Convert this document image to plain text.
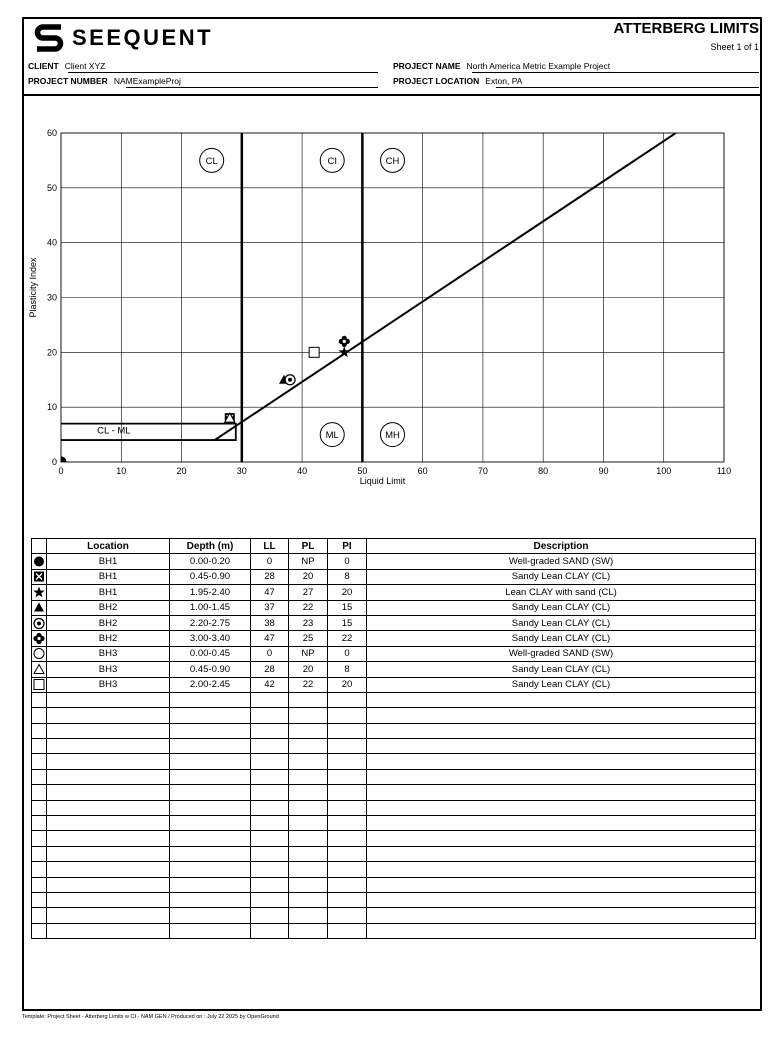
SEEQUENT	ATTERBERG LIMITS
Sheet 1 of 1
CLIENT Client XYZ
PROJECT NUMBER NAMExampleProj
PROJECT NAME North America Metric Example Project
PROJECT LOCATION Exton, PA
0	10	20	30	40	50	60	70	80	90	100	110
0
10
20
30
40
50
60
CL - ML
CL	CI	CH
ML	MH
Liquid Limit
Plasticity Index
	Location	Depth (m)	LL	PL	PI	Description

	BH1	0.00-0.20	0	NP	0	Well-graded SAND (SW)

	BH1	0.45-0.90	28	20	8	Sandy Lean CLAY (CL)

	BH1	1.95-2.40	47	27	20	Lean CLAY with sand (CL)

	BH2	1.00-1.45	37	22	15	Sandy Lean CLAY (CL)

	BH2	2.20-2.75	38	23	15	Sandy Lean CLAY (CL)

	BH2	3.00-3.40	47	25	22	Sandy Lean CLAY (CL)

	BH3	0.00-0.45	0	NP	0	Well-graded SAND (SW)

	BH3	0.45-0.90	28	20	8	Sandy Lean CLAY (CL)

	BH3	2.00-2.45	42	22	20	Sandy Lean CLAY (CL)

Template: Project Sheet - Atterberg Limits w CI - NAM GEN / Produced on : July 22 2025 by OpenGround
